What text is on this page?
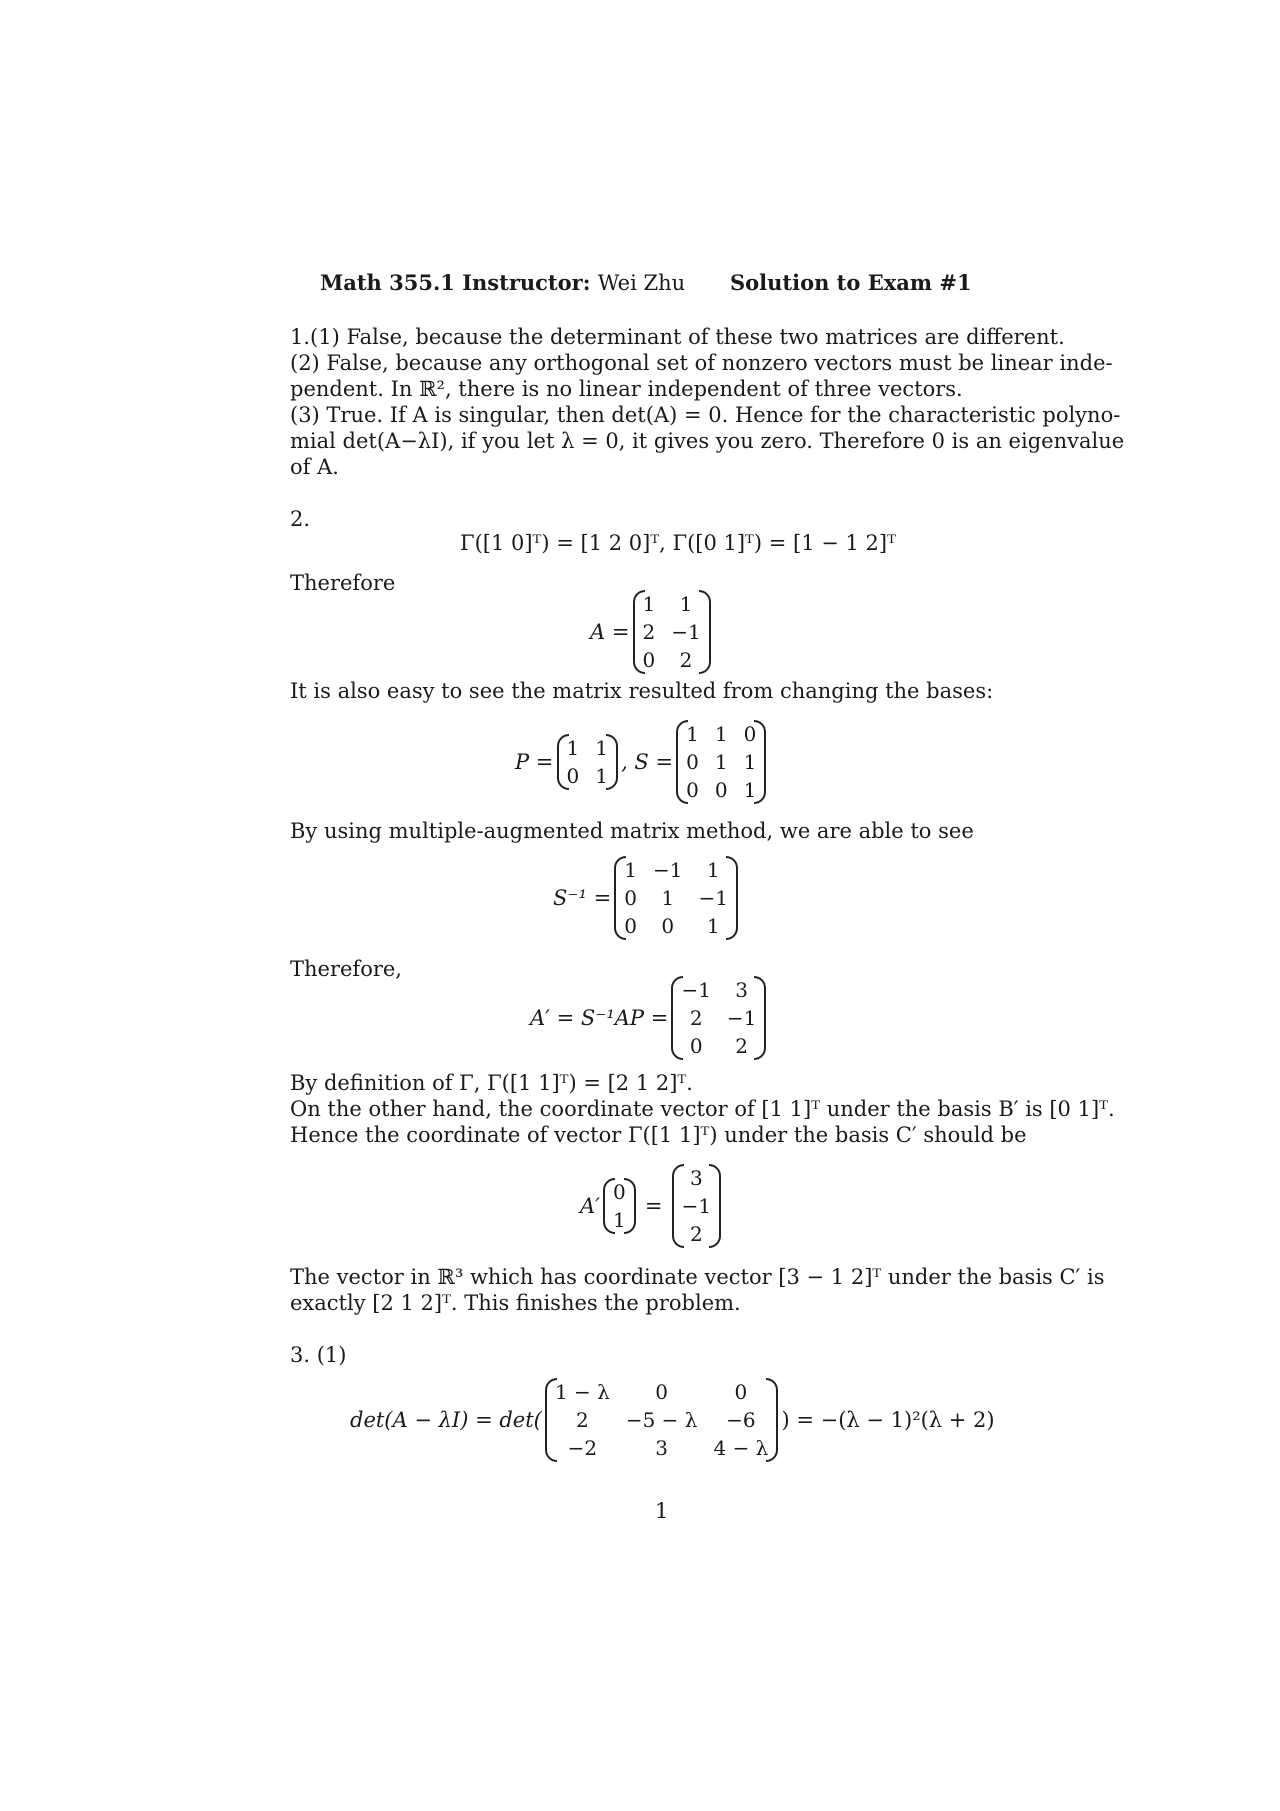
Math 355.1 Instructor: Wei Zhu Solution to Exam #1
1.(1) False, because the determinant of these two matrices are different.
(2) False, because any orthogonal set of nonzero vectors must be linear inde-
pendent. In ℝ², there is no linear independent of three vectors.
(3) True. If A is singular, then det(A) = 0. Hence for the characteristic polyno-
mial det(A−λI), if you let λ = 0, it gives you zero. Therefore 0 is an eigenvalue
of A.
2.
Γ([1 0]ᵀ) = [1 2 0]ᵀ, Γ([0 1]ᵀ) = [1 − 1 2]ᵀ
Therefore
A =
1	1
2	−1
0	2
It is also easy to see the matrix resulted from changing the bases:
P =
1	1
0	1
, S =
1	1	0
0	1	1
0	0	1
By using multiple-augmented matrix method, we are able to see
S⁻¹ =
1	−1	1
0	1	−1
0	0	1
Therefore,
A′ = S⁻¹AP =
−1	3
2	−1
0	2
By definition of Γ, Γ([1 1]ᵀ) = [2 1 2]ᵀ.
On the other hand, the coordinate vector of [1 1]ᵀ under the basis B′ is [0 1]ᵀ.
Hence the coordinate of vector Γ([1 1]ᵀ) under the basis C′ should be
A′
0
1
=
3
−1
2
The vector in ℝ³ which has coordinate vector [3 − 1 2]ᵀ under the basis C′ is
exactly [2 1 2]ᵀ. This finishes the problem.
3. (1)
det(A − λI) = det(
1 − λ	0	0
2	−5 − λ	−6
−2	3	4 − λ
) = −(λ − 1)²(λ + 2)
1
